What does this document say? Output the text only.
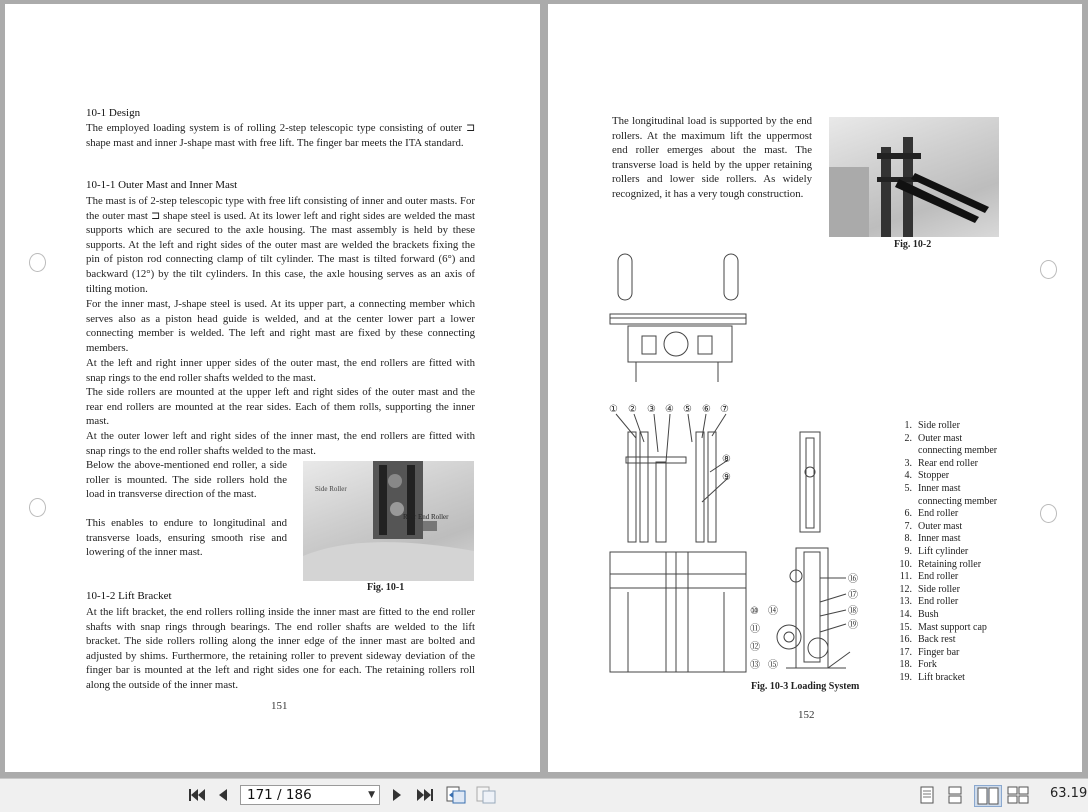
10-1 Design

The employed loading system is of rolling 2-step telescopic type consisting of outer ⊐ shape mast and inner J-shape mast with free lift. The finger bar meets the ITA standard.

10-1-1 Outer Mast and Inner Mast

The mast is of 2-step telescopic type with free lift consisting of inner and outer masts. For the outer mast ⊐ shape steel is used. At its lower left and right sides are welded the mast supports which are secured to the axle housing. The mast assembly is held by these supports. At the left and right sides of the outer mast are welded the brackets fixing the pin of piston rod connecting clamp of tilt cylinder. The mast is tilted forward (6°) and backward (12°) by the tilt cylinders. In this case, the axle housing serves as an axis of tilting motion.

For the inner mast, J-shape steel is used. At its upper part, a connecting member which serves also as a piston head guide is welded, and at the center lower part a lower connecting member is welded. The left and right mast are fixed by these connecting members.

At the left and right inner upper sides of the outer mast, the end rollers are fitted with snap rings to the end roller shafts welded to the mast.

The side rollers are mounted at the upper left and right sides of the outer mast and the rear end rollers are mounted at the rear sides. Each of them rolls, supporting the inner mast.

At the outer lower left and right sides of the inner mast, the end rollers are fitted with snap rings to the end roller shafts welded to the mast.

Below the above-mentioned end roller, a side roller is mounted. The side rollers hold the load in transverse direction of the mast.

This enables to endure to longitudinal and transverse loads, ensuring smooth rise and lowering of the inner mast.

Side Roller
Rear End Roller
Fig. 10-1

10-1-2 Lift Bracket

At the lift bracket, the end rollers rolling inside the inner mast are fitted to the end roller shafts with snap rings through bearings. The end roller shafts are welded to the lift bracket. The side rollers rolling along the inner edge of the inner mast are bolted and adjusted by shims. Furthermore, the retaining roller to prevent sideway deviation of the finger bar is mounted at the left and right sides one for each. The retaining rollers roll along the outside of the inner mast.

151

The longitudinal load is supported by the end rollers. At the maximum lift the uppermost end roller emerges about the mast. The transverse load is held by the upper retaining rollers and lower side rollers. As widely recognized, it has a very tough construction.

Fig. 10-2
① ② ③ ④ ⑤ ⑥ ⑦
⑧
⑨
⑩
⑪
⑫
⑬
⑭
⑮
⑯
⑰
⑱
⑲
1. Side roller
2. Outer mast
connecting member
3. Rear end roller
4. Stopper
5. Inner mast
connecting member
6. End roller
7. Outer mast
8. Inner mast
9. Lift cylinder
10. Retaining roller
11. End roller
12. Side roller
13. End roller
14. Bush
15. Mast support cap
16. Back rest
17. Finger bar
18. Fork
19. Lift bracket
Fig. 10-3 Loading System
152
171 / 186	▼	63.19
